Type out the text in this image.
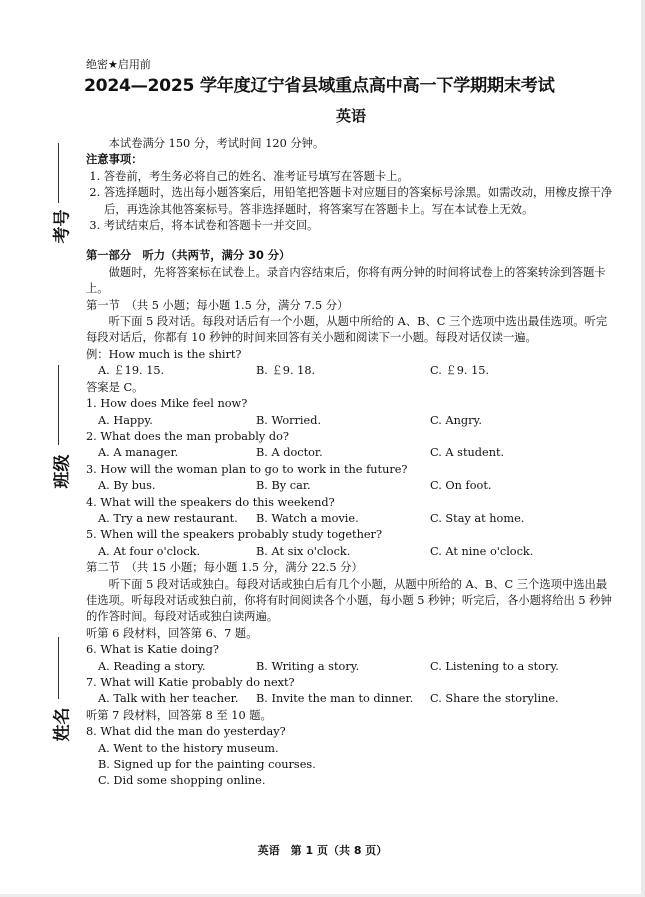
考号
班级
姓名
绝密★启用前
2024—2025 学年度辽宁省县域重点高中高一下学期期末考试
英语
本试卷满分 150 分，考试时间 120 分钟。
注意事项：
1. 答卷前，考生务必将自己的姓名、准考证号填写在答题卡上。
2. 答选择题时，选出每小题答案后，用铅笔把答题卡对应题目的答案标号涂黑。如需改动，用橡皮擦干净后，再选涂其他答案标号。答非选择题时，将答案写在答题卡上。写在本试卷上无效。
3. 考试结束后，将本试卷和答题卡一并交回。
第一部分　听力（共两节，满分 30 分）
做题时，先将答案标在试卷上。录音内容结束后，你将有两分钟的时间将试卷上的答案转涂到答题卡上。
第一节　（共 5 小题；每小题 1.5 分，满分 7.5 分）
听下面 5 段对话。每段对话后有一个小题，从题中所给的 A、B、C 三个选项中选出最佳选项。听完每段对话后，你都有 10 秒钟的时间来回答有关小题和阅读下一小题。每段对话仅读一遍。
例：How much is the shirt?
A. ￡19. 15.	B. ￡9. 18.	C. ￡9. 15.
答案是 C。
1. How does Mike feel now?
A. Happy.	B. Worried.	C. Angry.
2. What does the man probably do?
A. A manager.	B. A doctor.	C. A student.
3. How will the woman plan to go to work in the future?
A. By bus.	B. By car.	C. On foot.
4. What will the speakers do this weekend?
A. Try a new restaurant.	B. Watch a movie.	C. Stay at home.
5. When will the speakers probably study together?
A. At four o'clock.	B. At six o'clock.	C. At nine o'clock.
第二节　（共 15 小题；每小题 1.5 分，满分 22.5 分）
听下面 5 段对话或独白。每段对话或独白后有几个小题，从题中所给的 A、B、C 三个选项中选出最佳选项。听每段对话或独白前，你将有时间阅读各个小题，每小题 5 秒钟；听完后，各小题将给出 5 秒钟的作答时间。每段对话或独白读两遍。
听第 6 段材料，回答第 6、7 题。
6. What is Katie doing?
A. Reading a story.	B. Writing a story.	C. Listening to a story.
7. What will Katie probably do next?
A. Talk with her teacher.	B. Invite the man to dinner.	C. Share the storyline.
听第 7 段材料，回答第 8 至 10 题。
8. What did the man do yesterday?
A. Went to the history museum.
B. Signed up for the painting courses.
C. Did some shopping online.
英语　第 1 页（共 8 页）
